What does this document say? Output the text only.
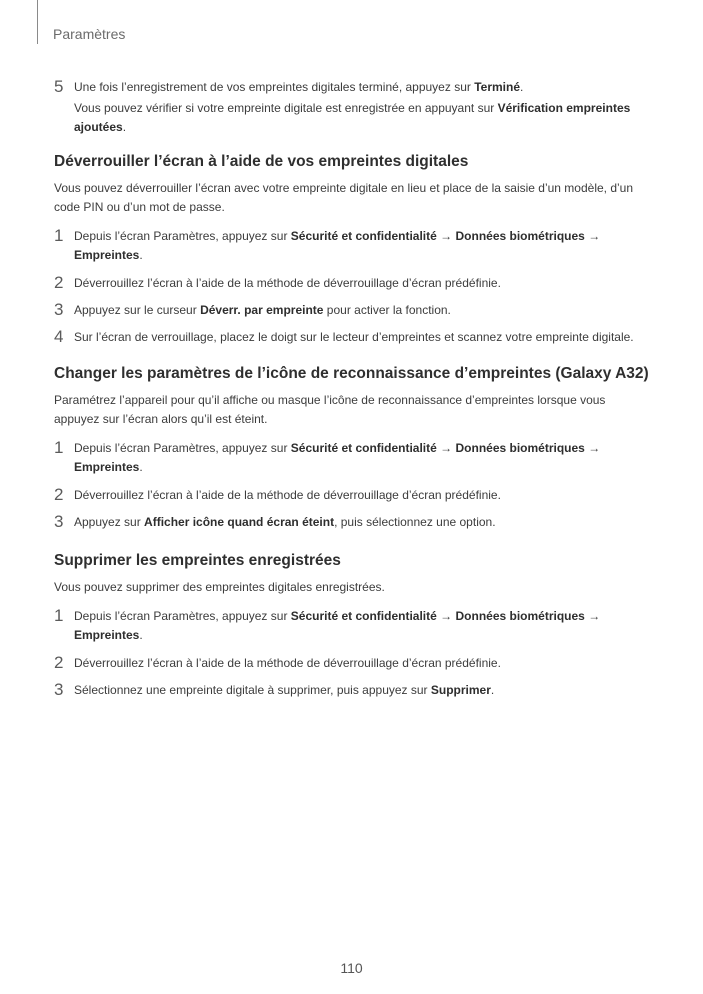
Paramètres
5 Une fois l’enregistrement de vos empreintes digitales terminé, appuyez sur Terminé.
Vous pouvez vérifier si votre empreinte digitale est enregistrée en appuyant sur Vérification empreintes ajoutées.
Déverrouiller l’écran à l’aide de vos empreintes digitales
Vous pouvez déverrouiller l’écran avec votre empreinte digitale en lieu et place de la saisie d’un modèle, d’un code PIN ou d’un mot de passe.
1 Depuis l’écran Paramètres, appuyez sur Sécurité et confidentialité → Données biométriques → Empreintes.
2 Déverrouillez l’écran à l’aide de la méthode de déverrouillage d’écran prédéfinie.
3 Appuyez sur le curseur Déverr. par empreinte pour activer la fonction.
4 Sur l’écran de verrouillage, placez le doigt sur le lecteur d’empreintes et scannez votre empreinte digitale.
Changer les paramètres de l’icône de reconnaissance d’empreintes (Galaxy A32)
Paramétrez l’appareil pour qu’il affiche ou masque l’icône de reconnaissance d’empreintes lorsque vous appuyez sur l’écran alors qu’il est éteint.
1 Depuis l’écran Paramètres, appuyez sur Sécurité et confidentialité → Données biométriques → Empreintes.
2 Déverrouillez l’écran à l’aide de la méthode de déverrouillage d’écran prédéfinie.
3 Appuyez sur Afficher icône quand écran éteint, puis sélectionnez une option.
Supprimer les empreintes enregistrées
Vous pouvez supprimer des empreintes digitales enregistrées.
1 Depuis l’écran Paramètres, appuyez sur Sécurité et confidentialité → Données biométriques → Empreintes.
2 Déverrouillez l’écran à l’aide de la méthode de déverrouillage d’écran prédéfinie.
3 Sélectionnez une empreinte digitale à supprimer, puis appuyez sur Supprimer.
110
